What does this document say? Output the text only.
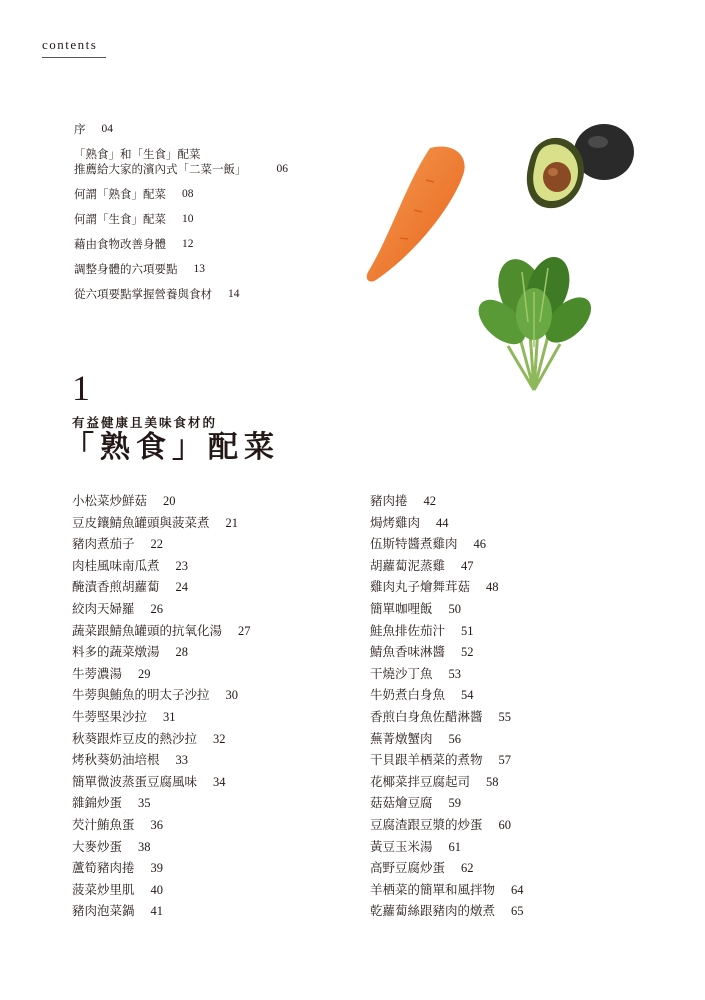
contents
序 04
「熟食」和「生食」配菜
推薦給大家的濱內式「二菜一飯」	06
何謂「熟食」配菜 08
何謂「生食」配菜 10
藉由食物改善身體 12
調整身體的六項要點 13
從六項要點掌握營養與食材 14
1
有益健康且美味食材的
「熟食」配菜
小松菜炒鮮菇 20
豆皮鑲鯖魚罐頭與菠菜煮 21
豬肉煮茄子 22
肉桂風味南瓜煮 23
醃漬香煎胡蘿蔔 24
絞肉天婦羅 26
蔬菜跟鯖魚罐頭的抗氧化湯 27
料多的蔬菜燉湯 28
牛蒡濃湯 29
牛蒡與鮪魚的明太子沙拉 30
牛蒡堅果沙拉 31
秋葵跟炸豆皮的熱沙拉 32
烤秋葵奶油培根 33
簡單微波蒸蛋豆腐風味 34
雜錦炒蛋 35
芡汁鮪魚蛋 36
大麥炒蛋 38
蘆筍豬肉捲 39
菠菜炒里肌 40
豬肉泡菜鍋 41
豬肉捲 42
焗烤雞肉 44
伍斯特醬煮雞肉 46
胡蘿蔔泥蒸雞 47
雞肉丸子燴舞茸菇 48
簡單咖哩飯 50
鮭魚排佐茄汁 51
鯖魚香味淋醬 52
干燒沙丁魚 53
牛奶煮白身魚 54
香煎白身魚佐醋淋醬 55
蕪菁燉蟹肉 56
干貝跟羊栖菜的煮物 57
花椰菜拌豆腐起司 58
菇菇燴豆腐 59
豆腐渣跟豆漿的炒蛋 60
黃豆玉米湯 61
高野豆腐炒蛋 62
羊栖菜的簡單和風拌物 64
乾蘿蔔絲跟豬肉的燉煮 65
